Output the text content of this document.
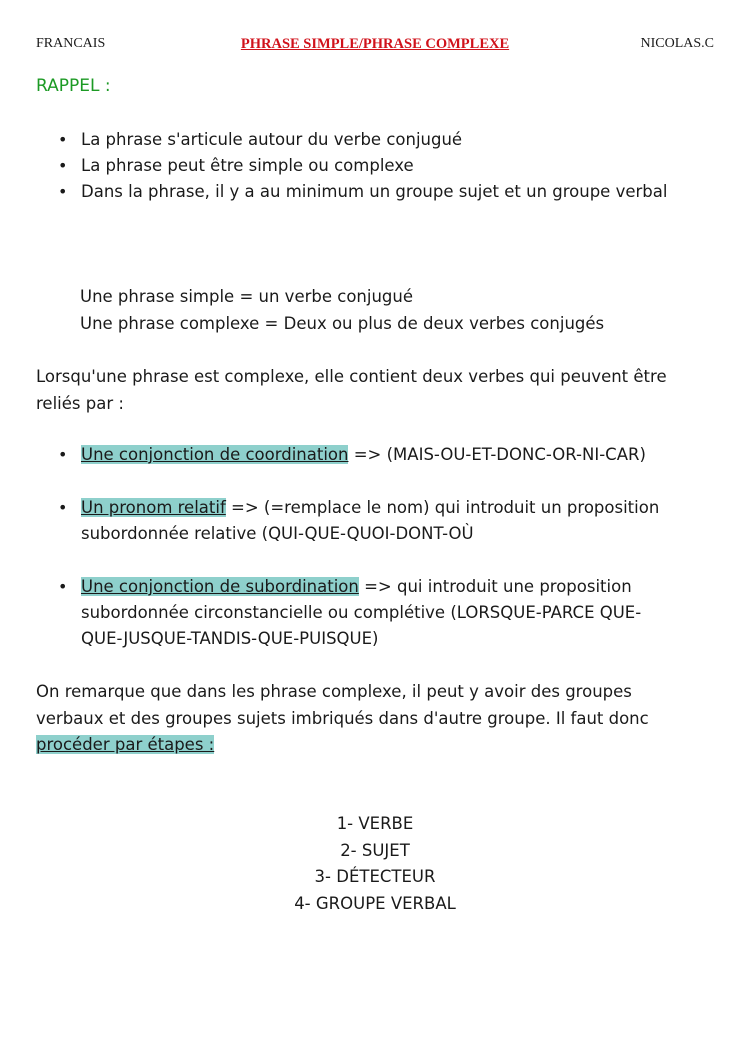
FRANCAIS	PHRASE SIMPLE/PHRASE COMPLEXE	NICOLAS.C
RAPPEL :
• La phrase s'articule autour du verbe conjugué
• La phrase peut être simple ou complexe
• Dans la phrase, il y a au minimum un groupe sujet et un groupe verbal
Une phrase simple = un verbe conjugué
Une phrase complexe = Deux ou plus de deux verbes conjugés
Lorsqu'une phrase est complexe, elle contient deux verbes qui peuvent être
reliés par :
• Une conjonction de coordination => (MAIS-OU-ET-DONC-OR-NI-CAR)
• Un pronom relatif => (=remplace le nom) qui introduit un proposition
subordonnée relative (QUI-QUE-QUOI-DONT-OÙ
• Une conjonction de subordination => qui introduit une proposition
subordonnée circonstancielle ou complétive (LORSQUE-PARCE QUE-
QUE-JUSQUE-TANDIS-QUE-PUISQUE)
On remarque que dans les phrase complexe, il peut y avoir des groupes
verbaux et des groupes sujets imbriqués dans d'autre groupe. Il faut donc
procéder par étapes :
1- VERBE
2- SUJET
3- DÉTECTEUR
4- GROUPE VERBAL
